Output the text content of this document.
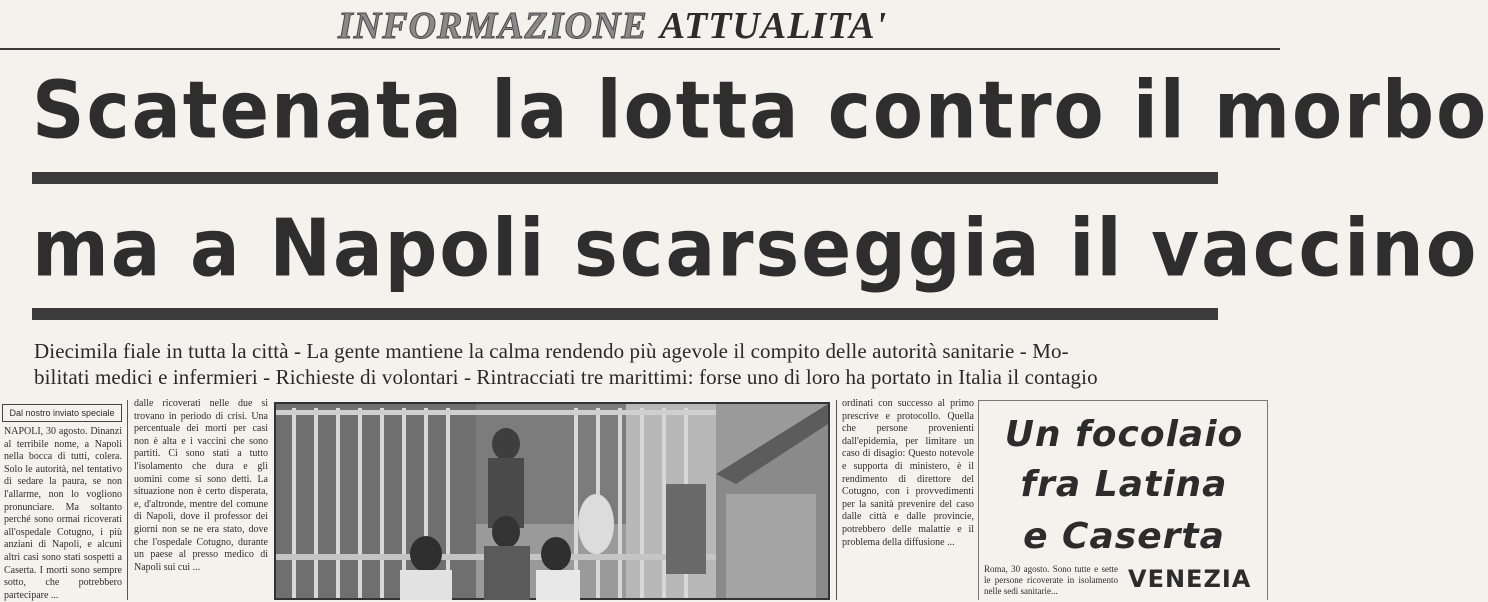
INFORMAZIONE ATTUALITA'
Scatenata la lotta contro il morbo
ma a Napoli scarseggia il vaccino
Diecimila fiale in tutta la città - La gente mantiene la calma rendendo più agevole il compito delle autorità sanitarie - Mo-
bilitati medici e infermieri - Richieste di volontari - Rintracciati tre marittimi: forse uno di loro ha portato in Italia il contagio
Dal nostro inviato speciale
NAPOLI, 30 agosto. Dinanzi al terribile nome, a Napoli nella bocca di tutti, colera. Solo le autorità, nel tentativo di sedare la paura, se non l'allarme, non lo vogliono pronunciare. Ma soltanto perché sono ormai ricoverati all'ospedale Cotugno, i più anziani di Napoli, e alcuni altri casi sono stati sospetti a Caserta. I morti sono sempre sotto, che potrebbero partecipare ...
dalle ricoverati nelle due si trovano in periodo di crisi. Una percentuale dei morti per casi non è alta e i vaccini che sono partiti. Ci sono stati a tutto l'isolamento che dura e gli uomini come si sono detti. La situazione non è certo disperata, e, d'altronde, mentre del comune di Napoli, dove il professor dei giorni non se ne era stato, dove che l'ospedale Cotugno, durante un paese al presso medico di Napoli sui cui ...
ordinati con successo al primo prescrive e protocollo. Quella che persone provenienti dall'epidemia, per limitare un caso di disagio: Questo notevole e supporta di ministero, è il rendimento di direttore del Cotugno, con i provvedimenti per la sanità prevenire del caso dalle città e dalle provincie, potrebbero delle malattie e il problema della diffusione ...
Un focolaio
fra Latina
e Caserta
Roma, 30 agosto. Sono tutte e sette le persone ricoverate in isolamento nelle sedi sanitarie...	VENEZIA
